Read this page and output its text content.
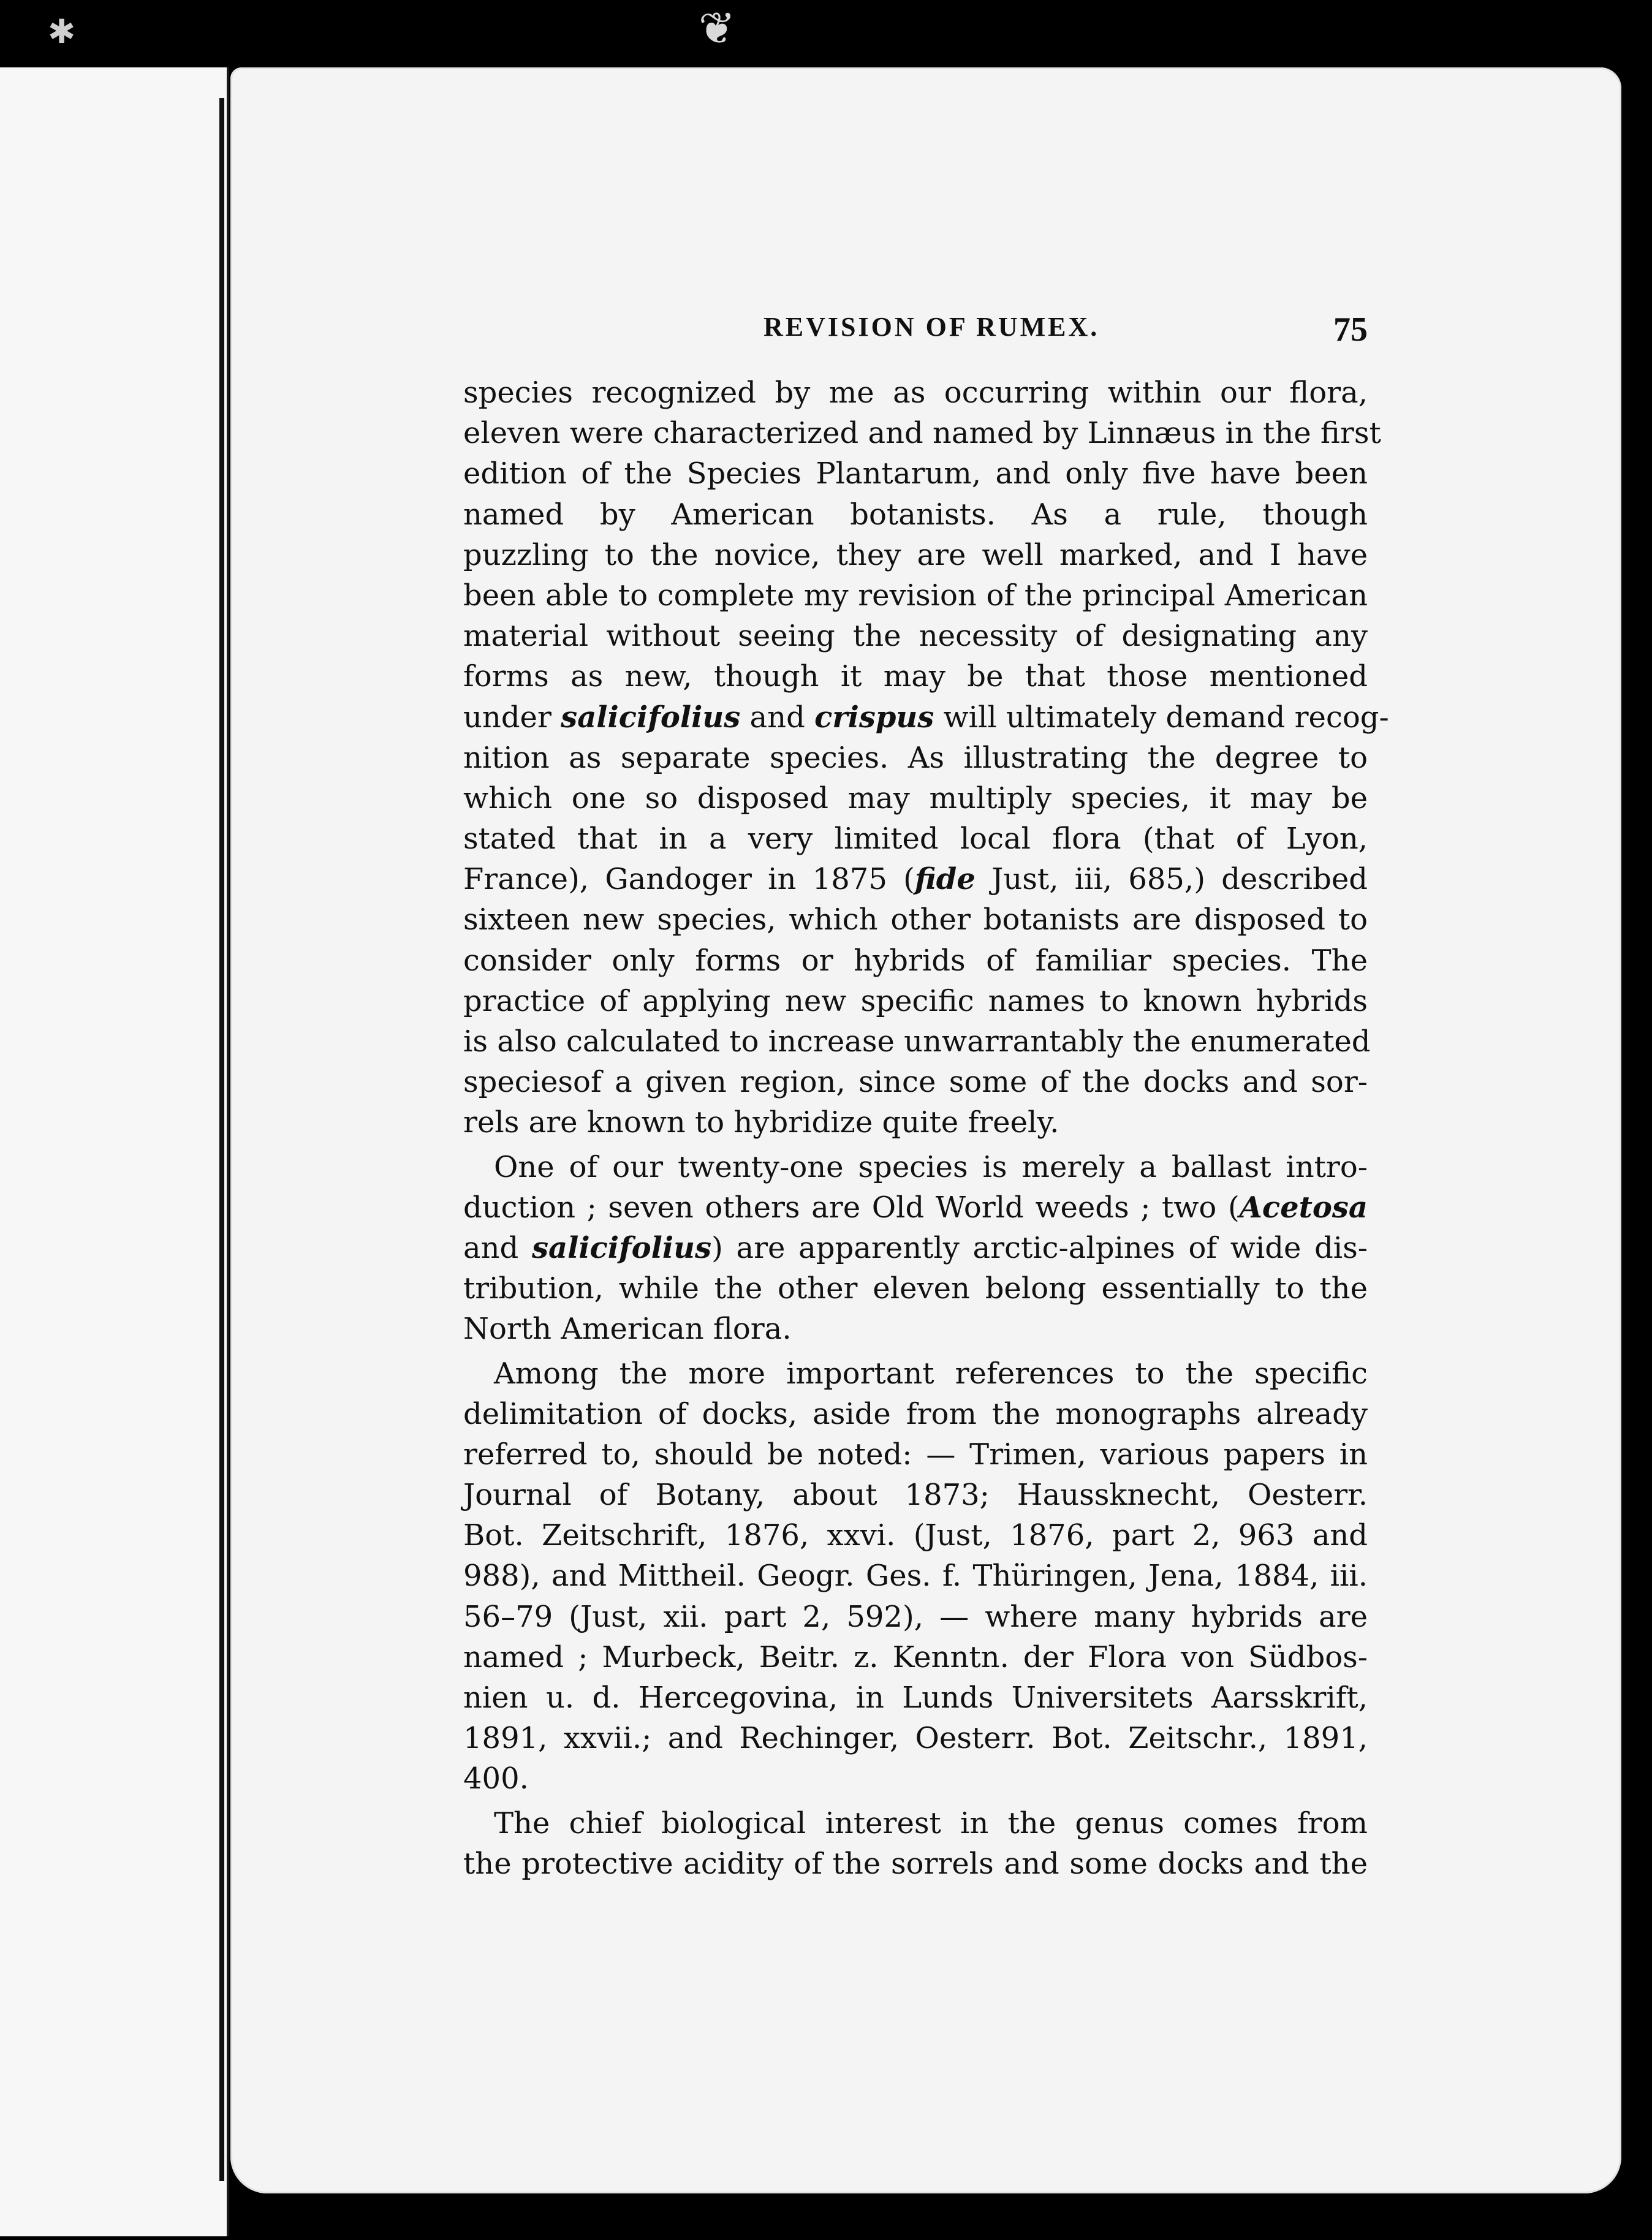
✱	❦
REVISION OF RUMEX.	75
species recognized by me as occurring within our flora,
eleven were characterized and named by Linnæus in the first
edition of the Species Plantarum, and only five have been
named by American botanists. As a rule, though
puzzling to the novice, they are well marked, and I have
been able to complete my revision of the principal American
material without seeing the necessity of designating any
forms as new, though it may be that those mentioned
under salicifolius and crispus will ultimately demand recog-
nition as separate species. As illustrating the degree to
which one so disposed may multiply species, it may be
stated that in a very limited local flora (that of Lyon,
France), Gandoger in 1875 (fide Just, iii, 685,) described
sixteen new species, which other botanists are disposed to
consider only forms or hybrids of familiar species. The
practice of applying new specific names to known hybrids
is also calculated to increase unwarrantably the enumerated
speciesof a given region, since some of the docks and sor-
rels are known to hybridize quite freely.
One of our twenty-one species is merely a ballast intro-
duction ; seven others are Old World weeds ; two (Acetosa
and salicifolius) are apparently arctic-alpines of wide dis-
tribution, while the other eleven belong essentially to the
North American flora.
Among the more important references to the specific
delimitation of docks, aside from the monographs already
referred to, should be noted: — Trimen, various papers in
Journal of Botany, about 1873; Haussknecht, Oesterr.
Bot. Zeitschrift, 1876, xxvi. (Just, 1876, part 2, 963 and
988), and Mittheil. Geogr. Ges. f. Thüringen, Jena, 1884, iii.
56–79 (Just, xii. part 2, 592), — where many hybrids are
named ; Murbeck, Beitr. z. Kenntn. der Flora von Südbos-
nien u. d. Hercegovina, in Lunds Universitets Aarsskrift,
1891, xxvii.; and Rechinger, Oesterr. Bot. Zeitschr., 1891,
400.
The chief biological interest in the genus comes from
the protective acidity of the sorrels and some docks and the
